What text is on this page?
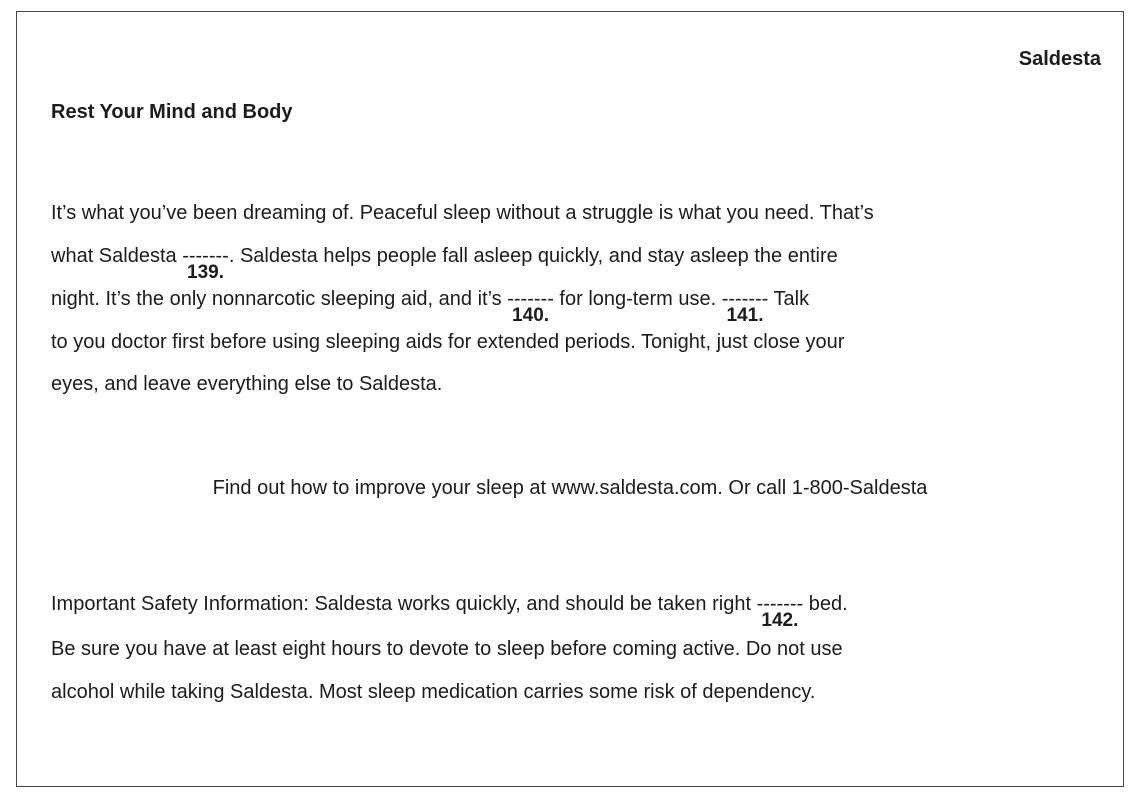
Saldesta
Rest Your Mind and Body
It’s what you’ve been dreaming of. Peaceful sleep without a struggle is what you need. That’s
what Saldesta -------
139.
. Saldesta helps people fall asleep quickly, and stay asleep the entire
night. It’s the only nonnarcotic sleeping aid, and it’s -------
140.
for long-term use. -------
141.
Talk
to you doctor first before using sleeping aids for extended periods. Tonight, just close your
eyes, and leave everything else to Saldesta.
Find out how to improve your sleep at www.saldesta.com. Or call 1-800-Saldesta
Important Safety Information: Saldesta works quickly, and should be taken right -------
142.
bed.
Be sure you have at least eight hours to devote to sleep before coming active. Do not use
alcohol while taking Saldesta. Most sleep medication carries some risk of dependency.
